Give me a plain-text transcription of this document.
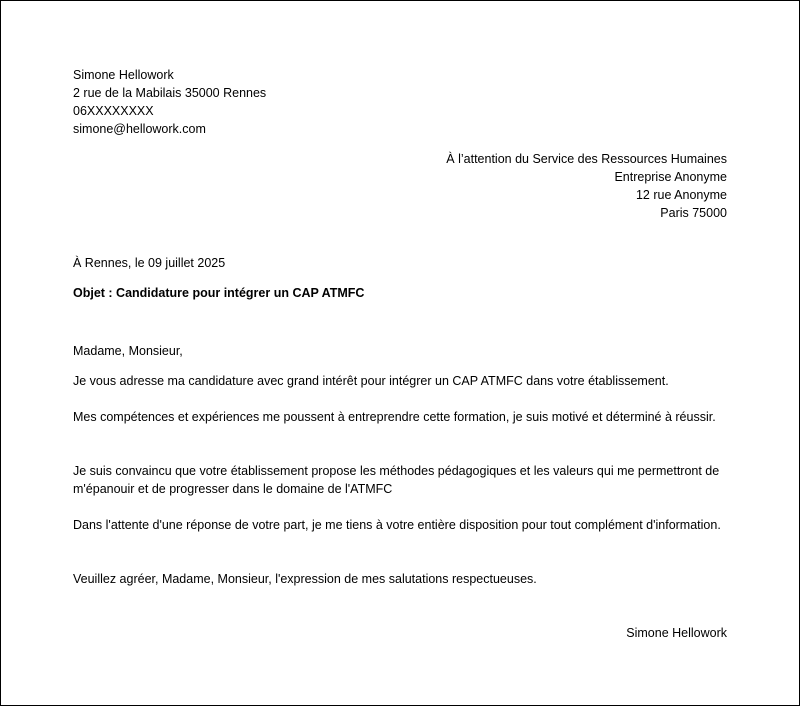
Simone Hellowork
2 rue de la Mabilais 35000 Rennes
06XXXXXXXX
simone@hellowork.com
À l’attention du Service des Ressources Humaines
Entreprise Anonyme
12 rue Anonyme
Paris 75000
À Rennes, le 09 juillet 2025
Objet : Candidature pour intégrer un CAP ATMFC
Madame, Monsieur,
Je vous adresse ma candidature avec grand intérêt pour intégrer un CAP ATMFC dans votre établissement.
Mes compétences et expériences me poussent à entreprendre cette formation, je suis motivé et déterminé à réussir.
Je suis convaincu que votre établissement propose les méthodes pédagogiques et les valeurs qui me permettront de m'épanouir et de progresser dans le domaine de l'ATMFC
Dans l'attente d'une réponse de votre part, je me tiens à votre entière disposition pour tout complément d'information.
Veuillez agréer, Madame, Monsieur, l'expression de mes salutations respectueuses.
Simone Hellowork
